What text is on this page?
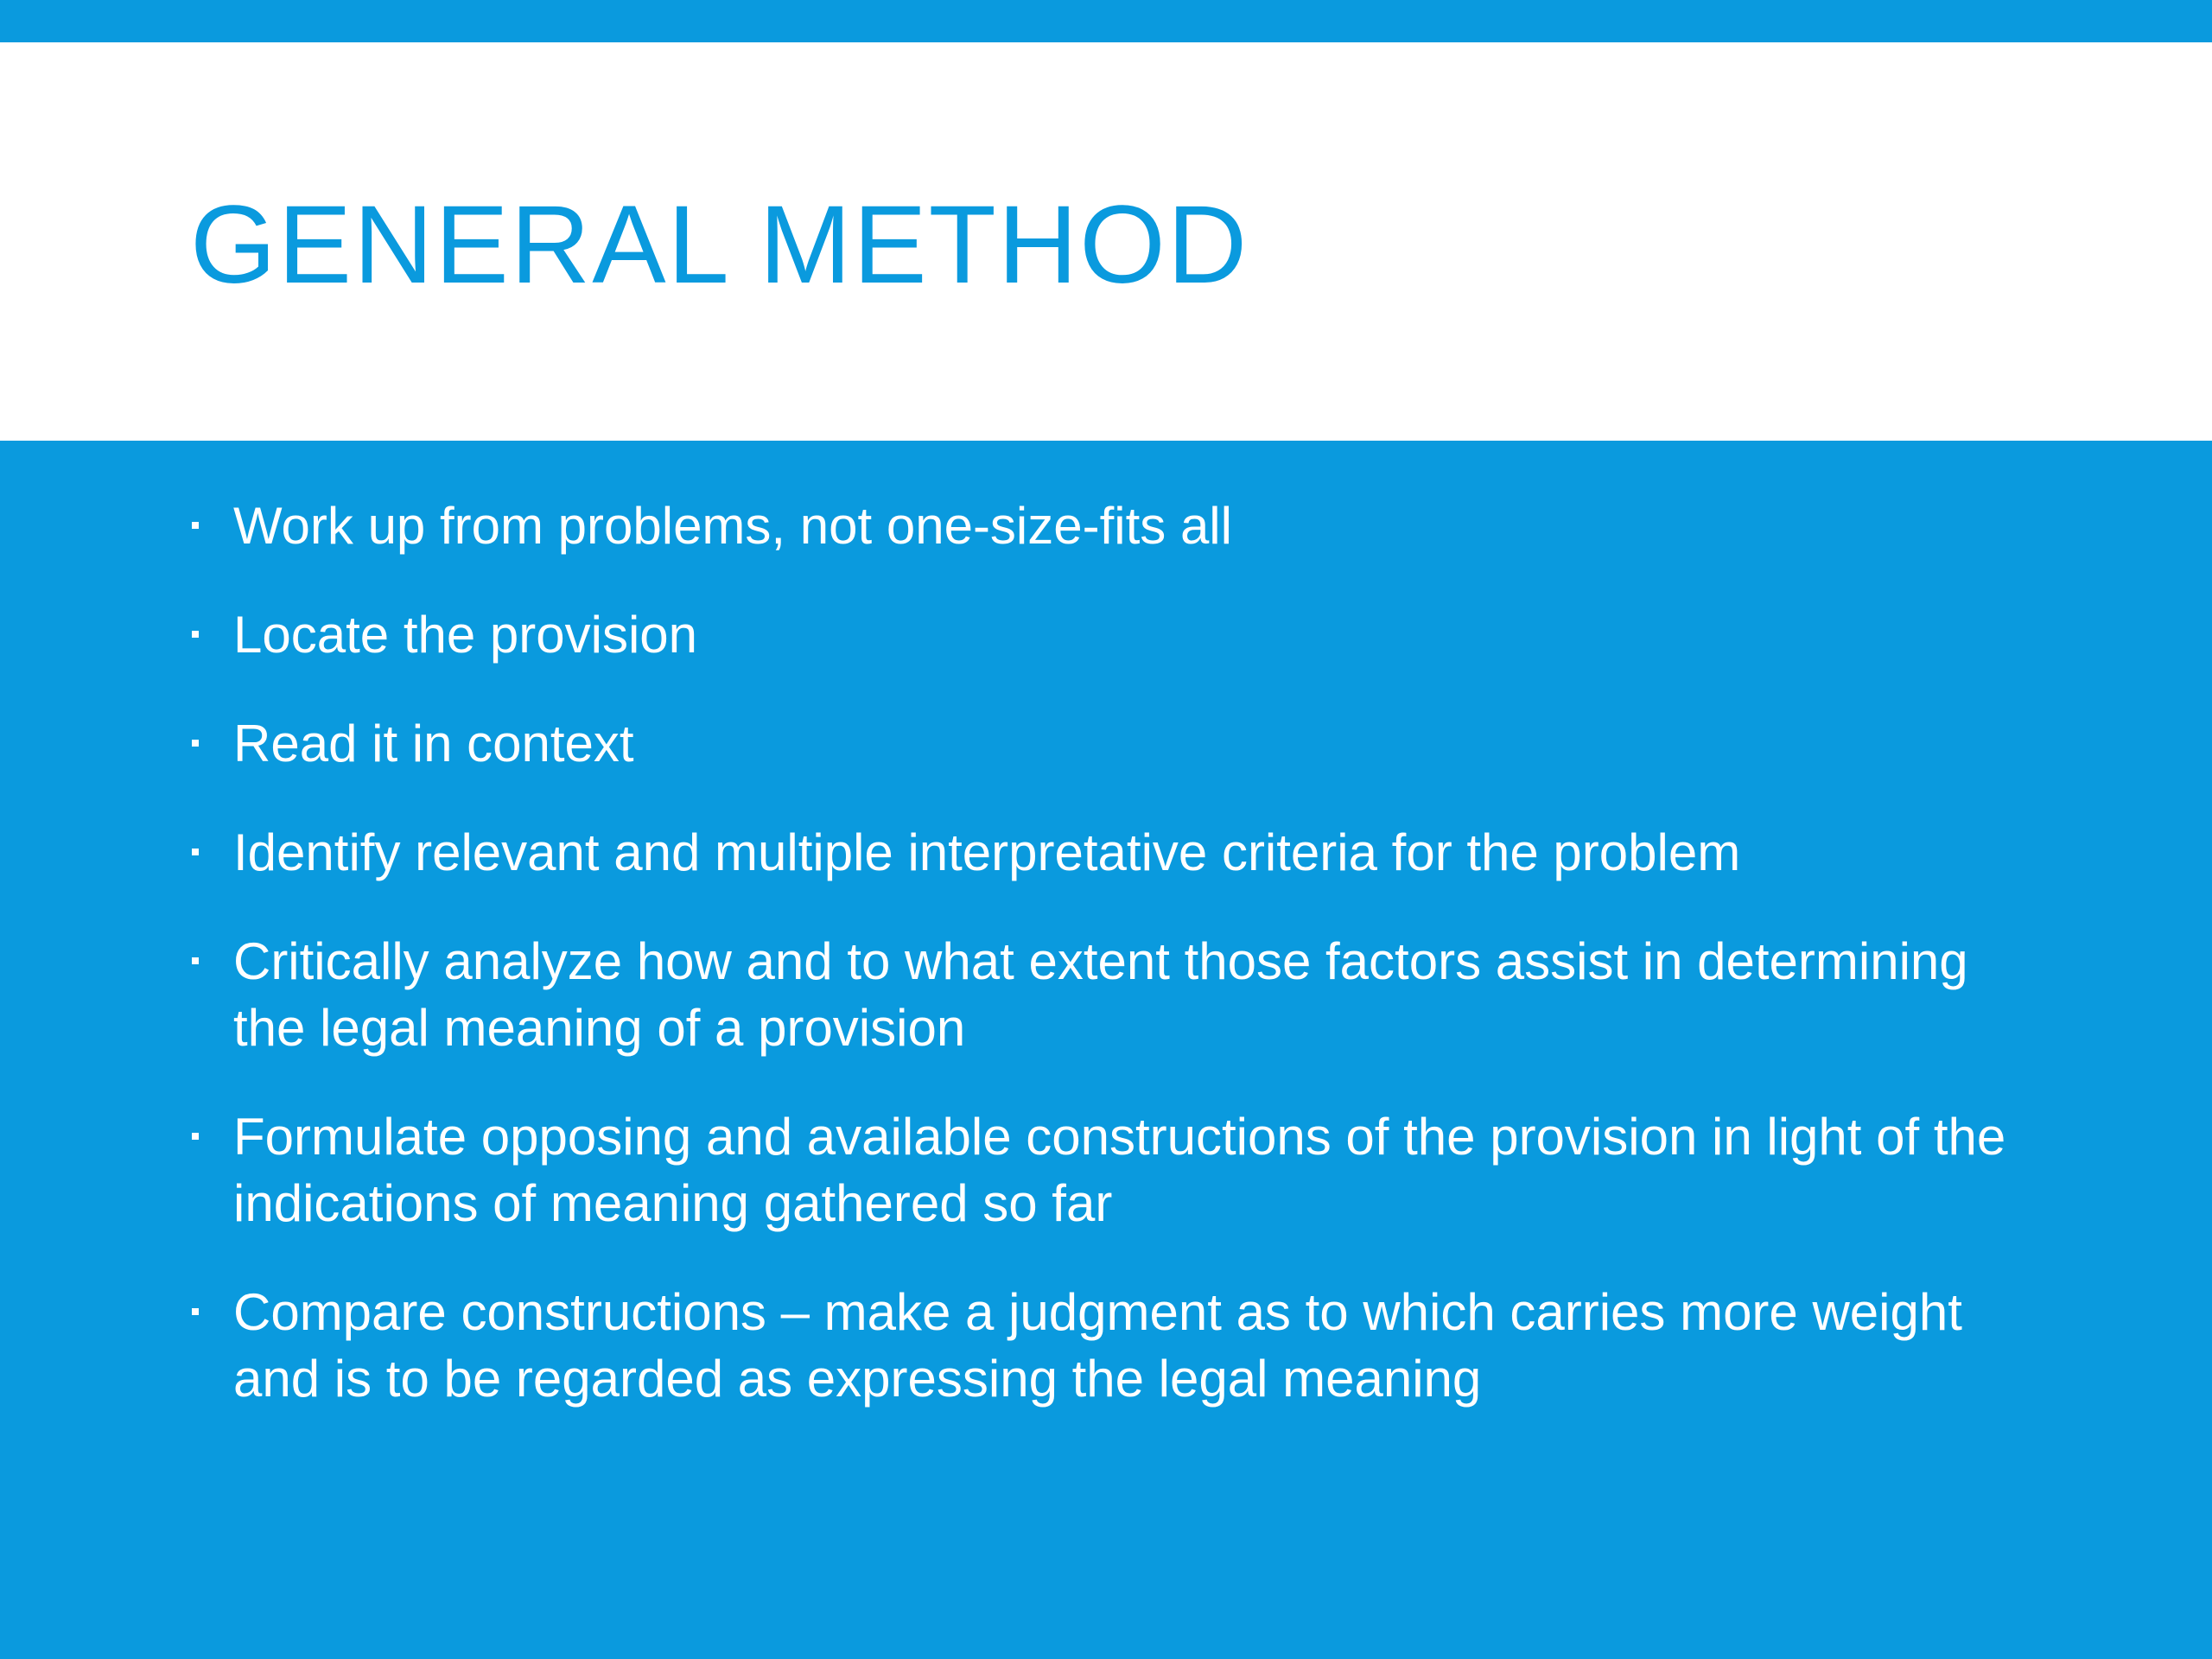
GENERAL METHOD
Work up from problems, not one-size-fits all
Locate the provision
Read it in context
Identify relevant and multiple interpretative criteria for the problem
Critically analyze how and to what extent those factors assist in determining the legal meaning of a provision
Formulate opposing and available constructions of the provision in light of the indications of meaning gathered so far
Compare constructions – make a judgment as to which carries more weight and is to be regarded as expressing the legal meaning
